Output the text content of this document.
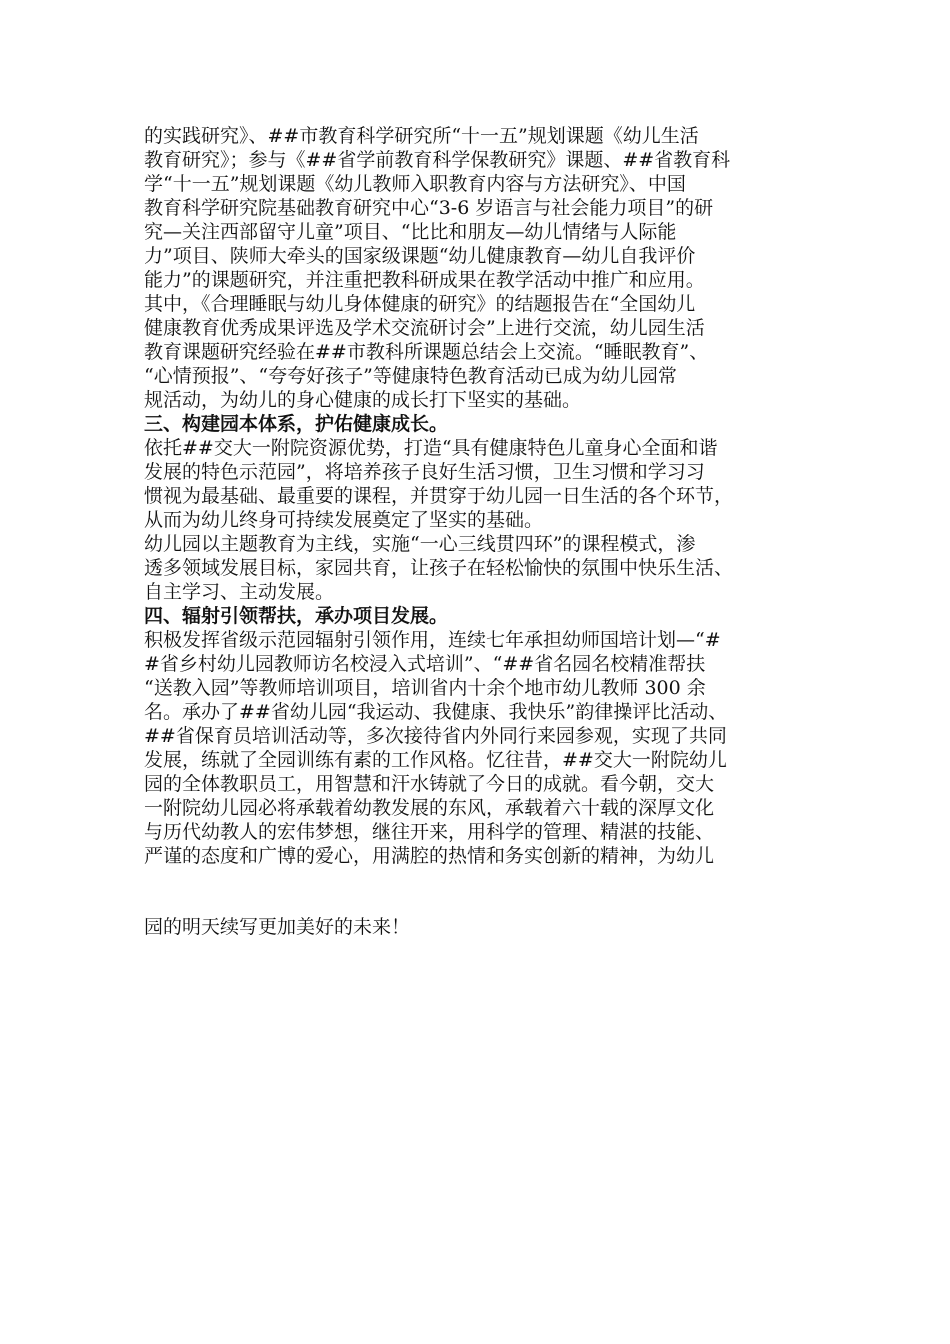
的实践研究》、##市教育科学研究所“十一五”规划课题《幼儿生活
教育研究》；参与《##省学前教育科学保教研究》课题、##省教育科
学“十一五”规划课题《幼儿教师入职教育内容与方法研究》、中国
教育科学研究院基础教育研究中心“3-6 岁语言与社会能力项目”的研
究—关注西部留守儿童”项目、“比比和朋友—幼儿情绪与人际能
力”项目、陕师大牵头的国家级课题“幼儿健康教育—幼儿自我评价
能力”的课题研究，并注重把教科研成果在教学活动中推广和应用。
其中，《合理睡眠与幼儿身体健康的研究》的结题报告在“全国幼儿
健康教育优秀成果评选及学术交流研讨会”上进行交流，幼儿园生活
教育课题研究经验在##市教科所课题总结会上交流。“睡眠教育”、
“心情预报”、“夸夸好孩子”等健康特色教育活动已成为幼儿园常
规活动，为幼儿的身心健康的成长打下坚实的基础。
三、构建园本体系，护佑健康成长。
依托##交大一附院资源优势，打造“具有健康特色儿童身心全面和谐
发展的特色示范园”，将培养孩子良好生活习惯，卫生习惯和学习习
惯视为最基础、最重要的课程，并贯穿于幼儿园一日生活的各个环节，
从而为幼儿终身可持续发展奠定了坚实的基础。
幼儿园以主题教育为主线，实施“一心三线贯四环”的课程模式，渗
透多领域发展目标，家园共育，让孩子在轻松愉快的氛围中快乐生活、
自主学习、主动发展。
四、辐射引领帮扶，承办项目发展。
积极发挥省级示范园辐射引领作用，连续七年承担幼师国培计划—“#
#省乡村幼儿园教师访名校浸入式培训”、“##省名园名校精准帮扶
“送教入园”等教师培训项目，培训省内十余个地市幼儿教师 300 余
名。承办了##省幼儿园“我运动、我健康、我快乐”韵律操评比活动、
##省保育员培训活动等，多次接待省内外同行来园参观，实现了共同
发展，练就了全园训练有素的工作风格。忆往昔，##交大一附院幼儿
园的全体教职员工，用智慧和汗水铸就了今日的成就。看今朝，交大
一附院幼儿园必将承载着幼教发展的东风，承载着六十载的深厚文化
与历代幼教人的宏伟梦想，继往开来，用科学的管理、精湛的技能、
严谨的态度和广博的爱心，用满腔的热情和务实创新的精神，为幼儿
园的明天续写更加美好的未来！
